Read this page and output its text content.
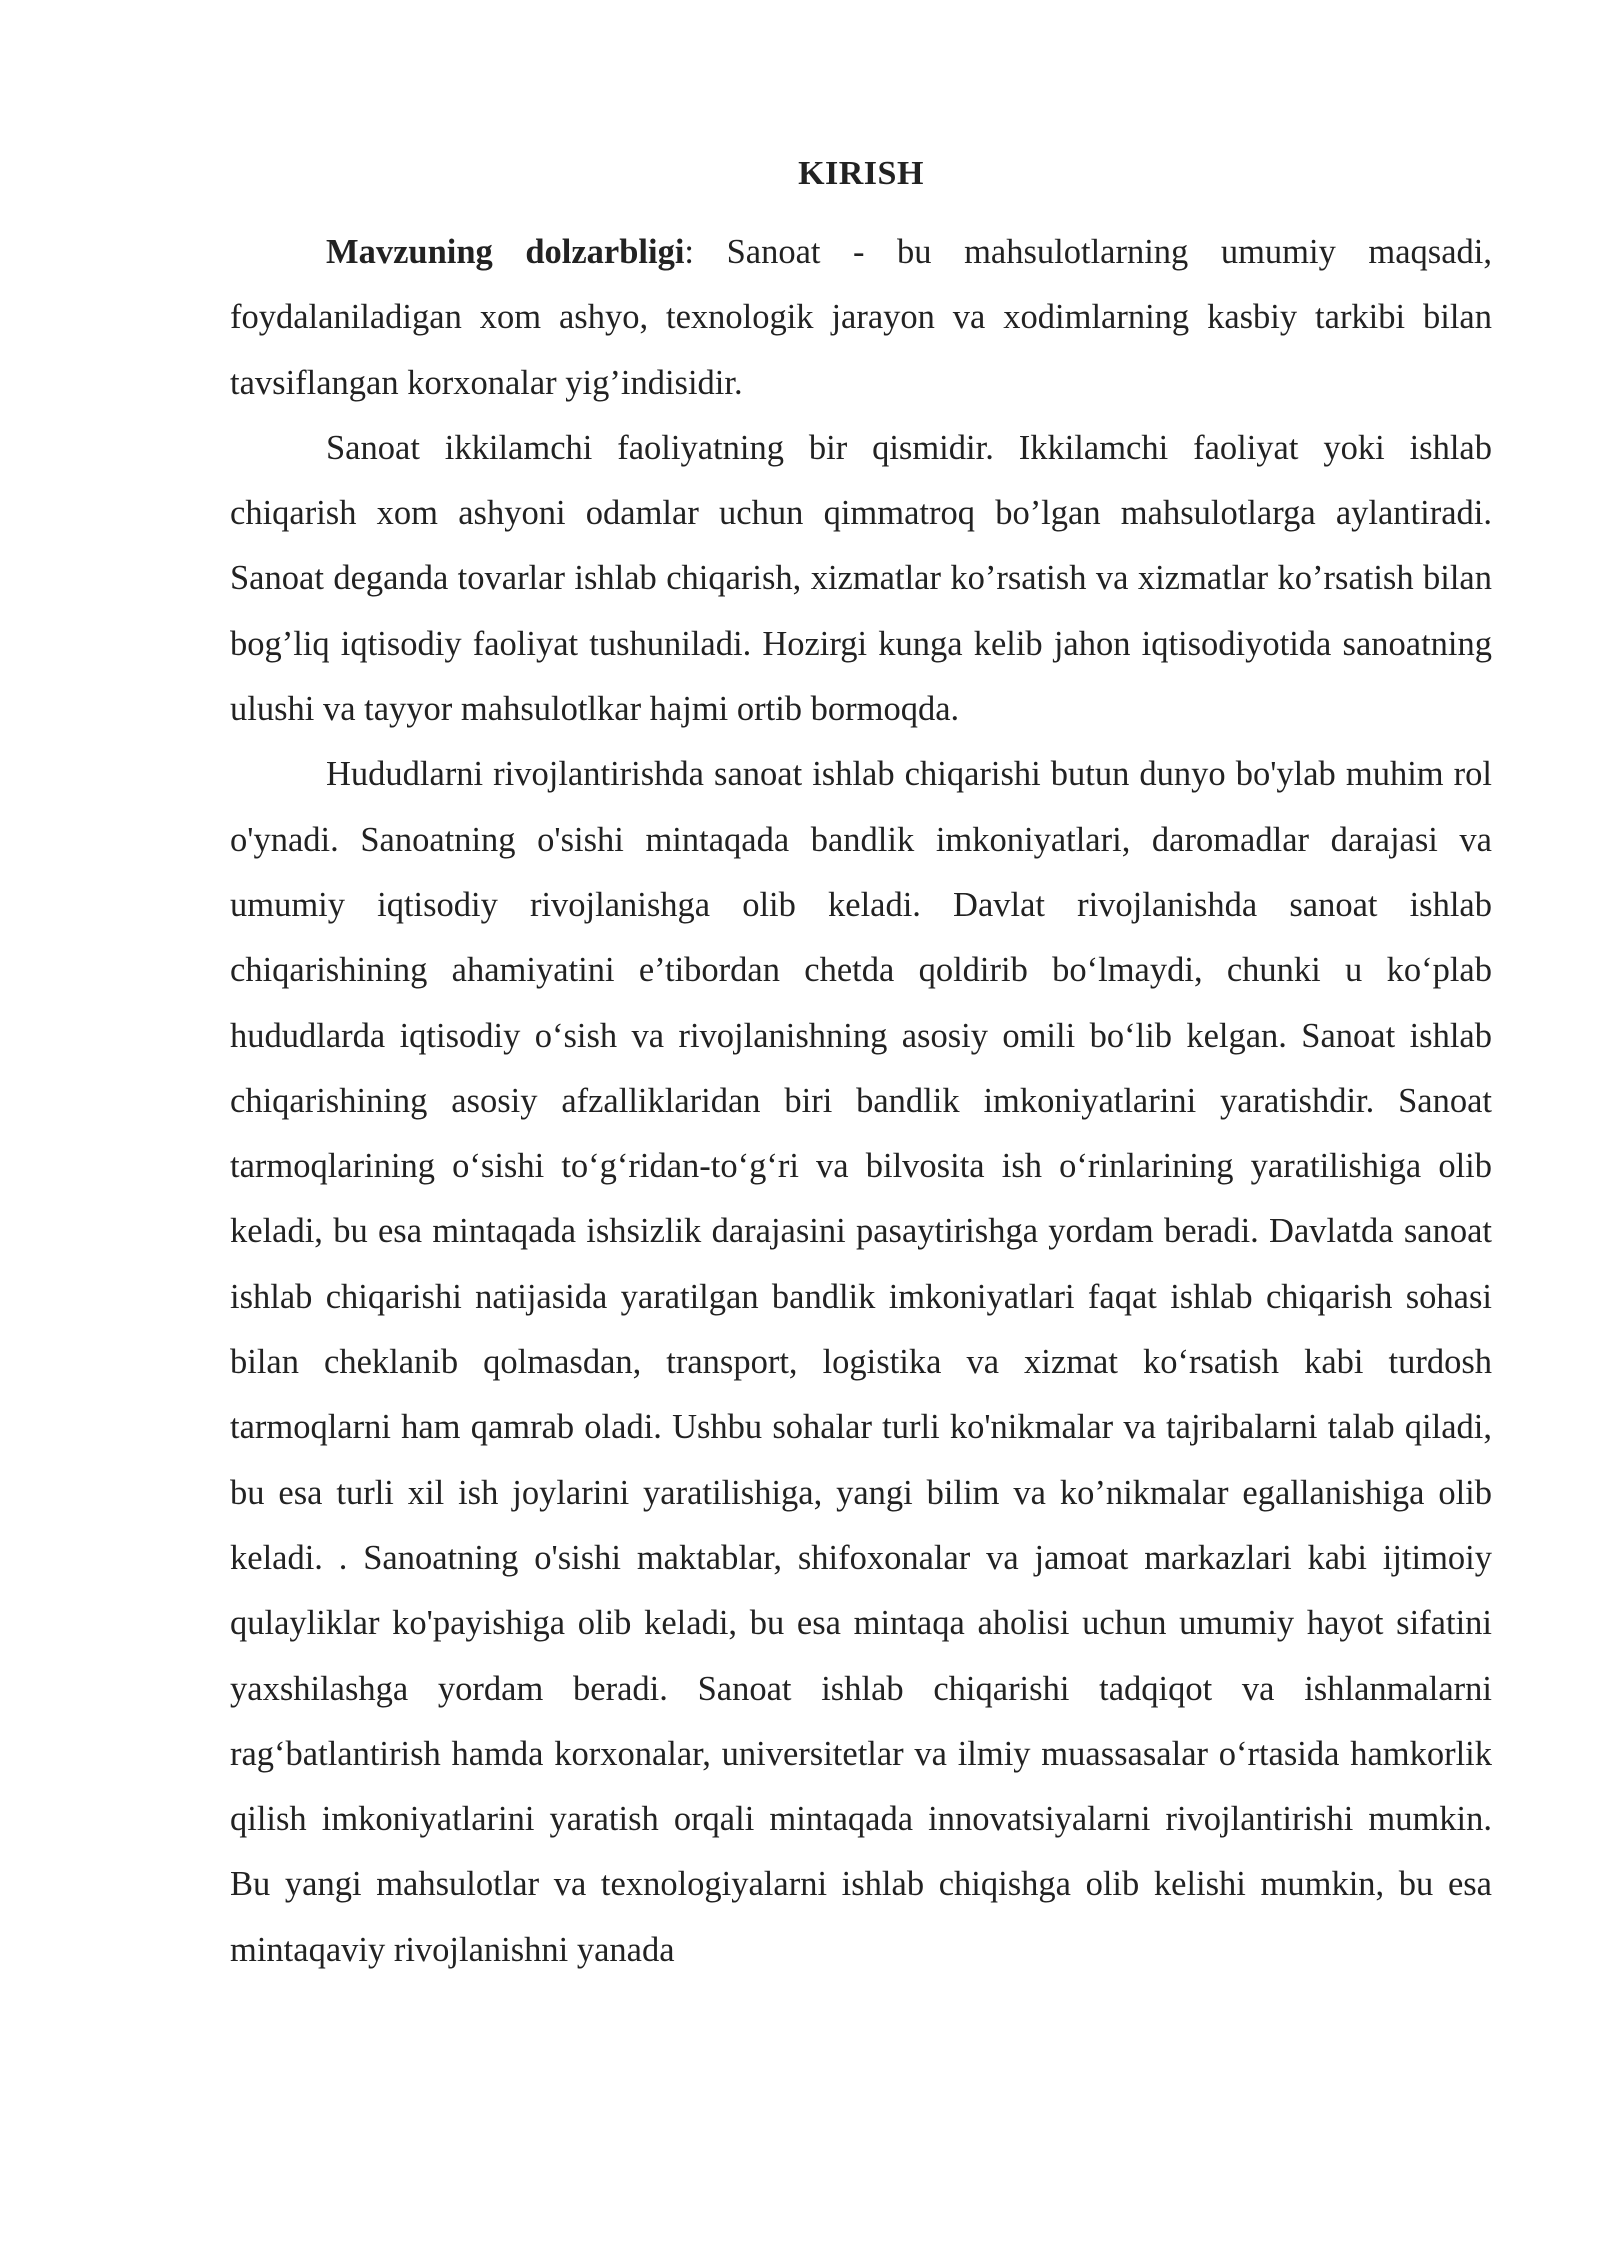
KIRISH

Mavzuning dolzarbligi: Sanoat - bu mahsulotlarning umumiy maqsadi, foydalaniladigan xom ashyo, texnologik jarayon va xodimlarning kasbiy tarkibi bilan tavsiflangan korxonalar yig’indisidir.

Sanoat ikkilamchi faoliyatning bir qismidir. Ikkilamchi faoliyat yoki ishlab chiqarish xom ashyoni odamlar uchun qimmatroq bo’lgan mahsulotlarga aylantiradi. Sanoat deganda tovarlar ishlab chiqarish, xizmatlar ko’rsatish va xizmatlar ko’rsatish bilan bog’liq iqtisodiy faoliyat tushuniladi. Hozirgi kunga kelib jahon iqtisodiyotida sanoatning ulushi va tayyor mahsulotlkar hajmi ortib bormoqda.

Hududlarni rivojlantirishda sanoat ishlab chiqarishi butun dunyo bo'ylab muhim rol o'ynadi. Sanoatning o'sishi mintaqada bandlik imkoniyatlari, daromadlar darajasi va umumiy iqtisodiy rivojlanishga olib keladi. Davlat rivojlanishda sanoat ishlab chiqarishining ahamiyatini e’tibordan chetda qoldirib bo‘lmaydi, chunki u ko‘plab hududlarda iqtisodiy o‘sish va rivojlanishning asosiy omili bo‘lib kelgan. Sanoat ishlab chiqarishining asosiy afzalliklaridan biri bandlik imkoniyatlarini yaratishdir. Sanoat tarmoqlarining o‘sishi to‘g‘ridan-to‘g‘ri va bilvosita ish o‘rinlarining yaratilishiga olib keladi, bu esa mintaqada ishsizlik darajasini pasaytirishga yordam beradi. Davlatda sanoat ishlab chiqarishi natijasida yaratilgan bandlik imkoniyatlari faqat ishlab chiqarish sohasi bilan cheklanib qolmasdan, transport, logistika va xizmat ko‘rsatish kabi turdosh tarmoqlarni ham qamrab oladi. Ushbu sohalar turli ko'nikmalar va tajribalarni talab qiladi, bu esa turli xil ish joylarini yaratilishiga, yangi bilim va ko’nikmalar egallanishiga olib keladi. . Sanoatning o'sishi maktablar, shifoxonalar va jamoat markazlari kabi ijtimoiy qulayliklar ko'payishiga olib keladi, bu esa mintaqa aholisi uchun umumiy hayot sifatini yaxshilashga yordam beradi. Sanoat ishlab chiqarishi tadqiqot va ishlanmalarni rag‘batlantirish hamda korxonalar, universitetlar va ilmiy muassasalar o‘rtasida hamkorlik qilish imkoniyatlarini yaratish orqali mintaqada innovatsiyalarni rivojlantirishi mumkin. Bu yangi mahsulotlar va texnologiyalarni ishlab chiqishga olib kelishi mumkin, bu esa mintaqaviy rivojlanishni yanada
